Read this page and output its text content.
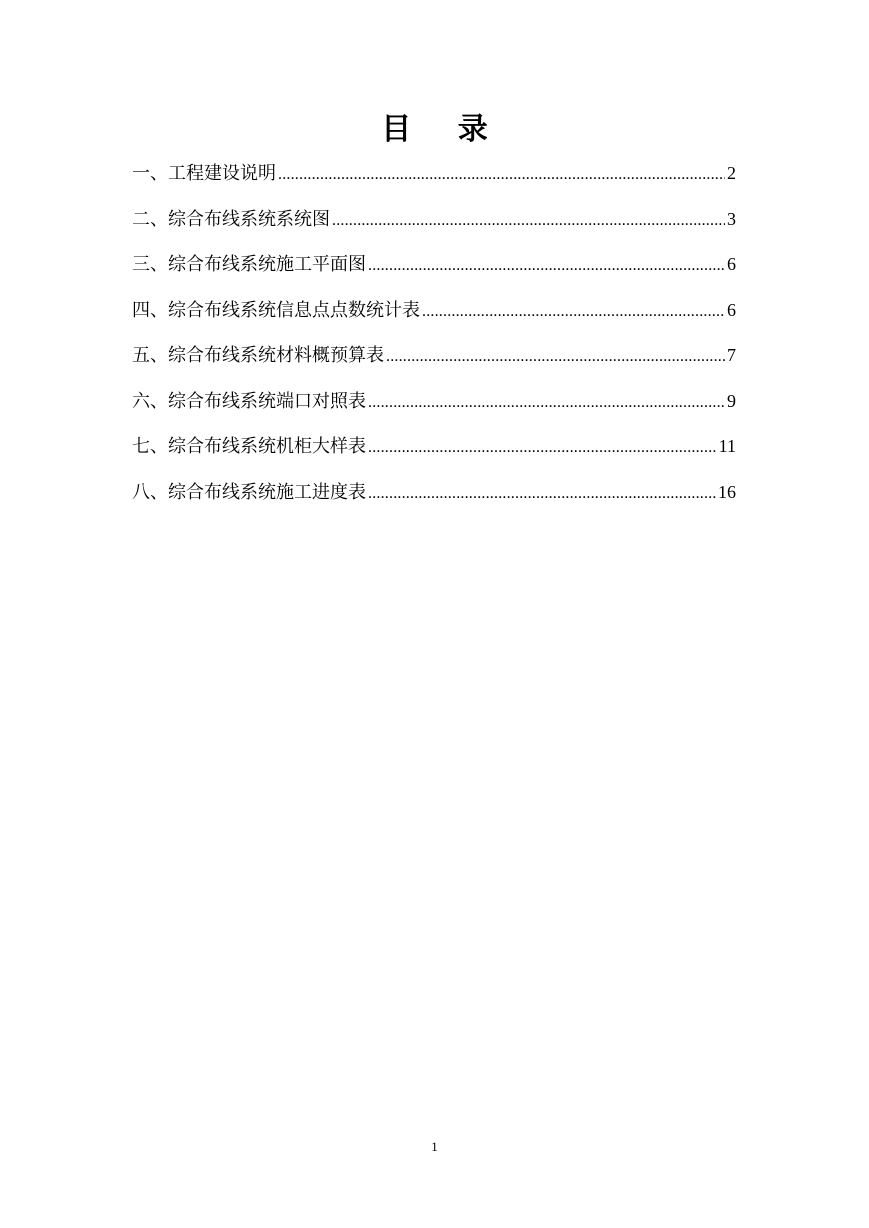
目 录
一、工程建设说明 .....	2
二、综合布线系统系统图 .....	3
三、综合布线系统施工平面图 .....	6
四、综合布线系统信息点点数统计表 .....	6
五、综合布线系统材料概预算表 .....	7
六、综合布线系统端口对照表 .....	9
七、综合布线系统机柜大样表 .....	11
八、综合布线系统施工进度表 .....	16
1
